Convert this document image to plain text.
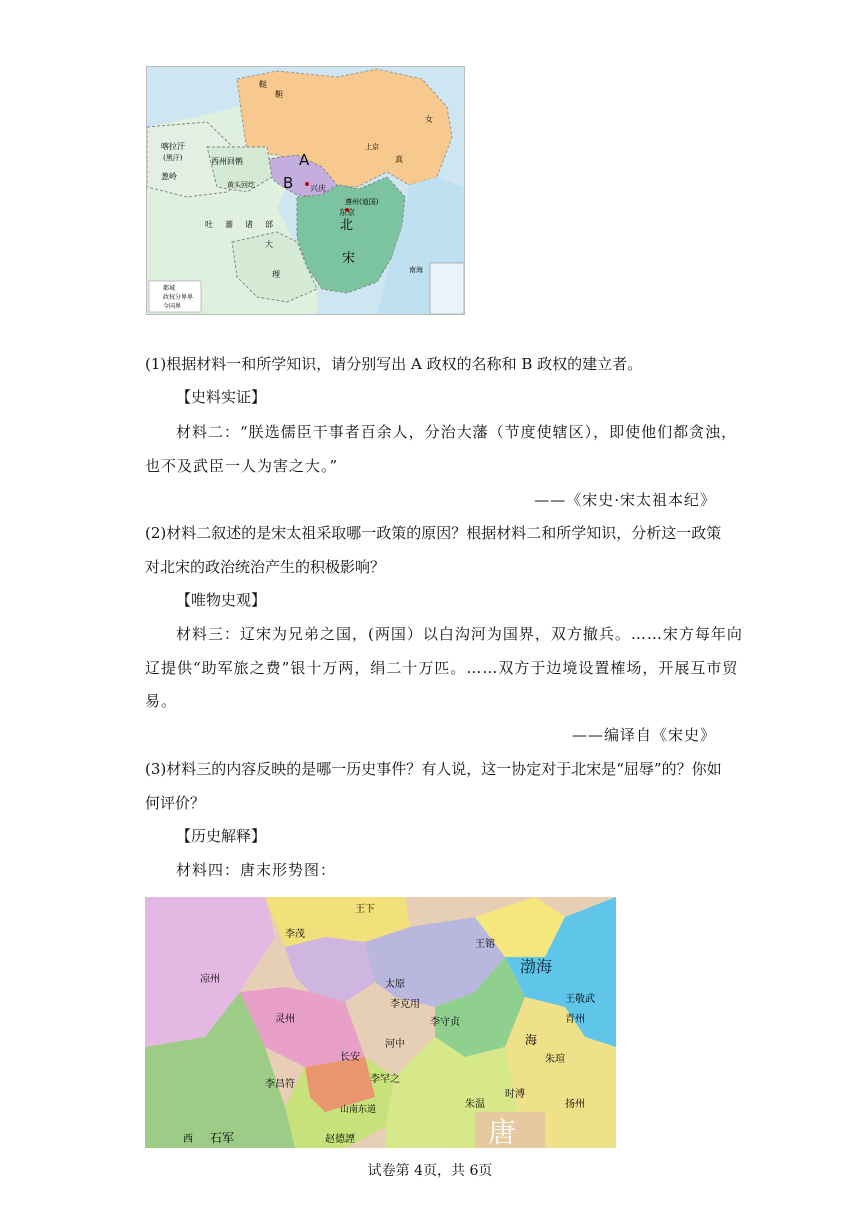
A
B 兴庆
东京
遵州(道国)
北
宋
大
理
吐 蕃 诸 部
西州回鹘
喀拉汗
(黑汗)
葱岭
黄头回纥
鞑
靼
女
真
上京
南海
都城
政权分界界
今国界
(1)根据材料一和所学知识，请分别写出 A 政权的名称和 B 政权的建立者。
【史料实证】
材料二：“朕选儒臣干事者百余人，分治大藩（节度使辖区），即使他们都贪浊，
也不及武臣一人为害之大。”
——《宋史·宋太祖本纪》
(2)材料二叙述的是宋太祖采取哪一政策的原因？根据材料二和所学知识，分析这一政策
对北宋的政治统治产生的积极影响？
【唯物史观】
材料三：辽宋为兄弟之国，(两国）以白沟河为国界，双方撤兵。……宋方每年向
辽提供“助军旅之费”银十万两，绢二十万匹。……双方于边境设置榷场，开展互市贸
易。
——编译自《宋史》
(3)材料三的内容反映的是哪一历史事件？有人说，这一协定对于北宋是“屈辱”的？你如
何评价？
【历史解释】
材料四：唐末形势图：
渤海
海
唐
王下
李茂
凉州	太原
长安
李克用
王镕
李守贞
朱温
石军
西	赵德諲
山南东道	扬州
青州
王敬武
时溥
朱瑄
李罕之
李昌符
河中
灵州
试卷第 4页，共 6页
